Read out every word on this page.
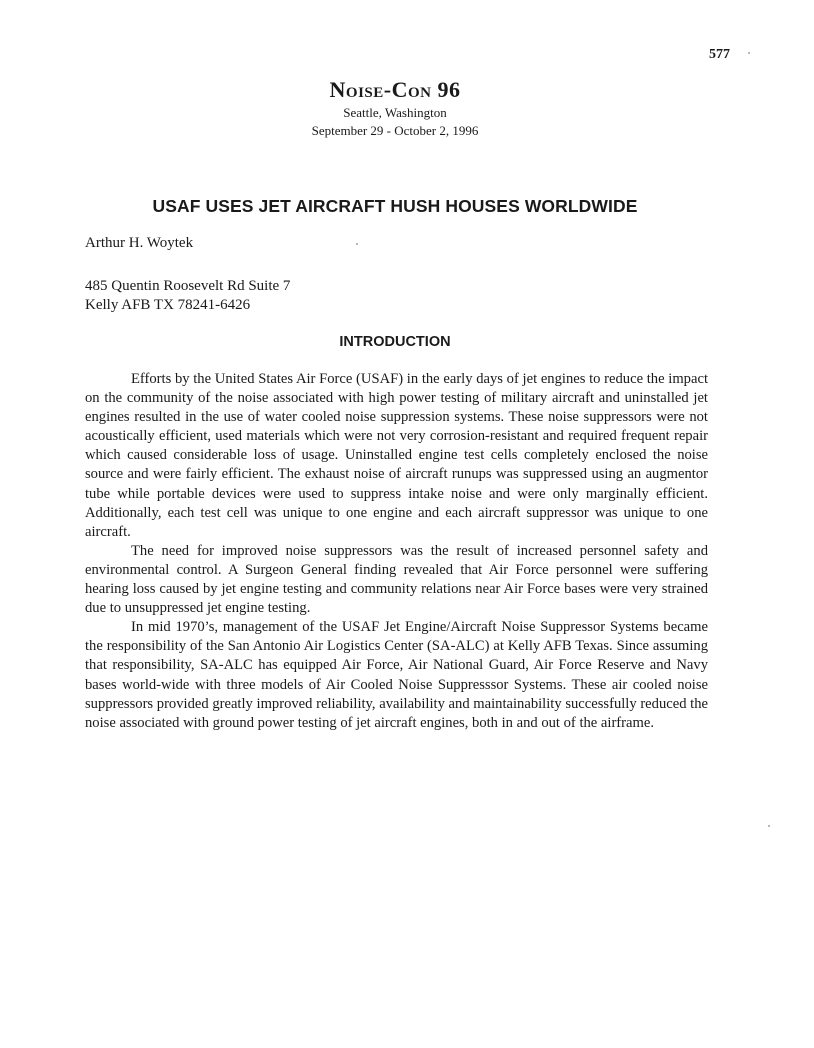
577
Noise-Con 96
Seattle, Washington
September 29 - October 2, 1996
USAF USES JET AIRCRAFT HUSH HOUSES WORLDWIDE
Arthur H. Woytek
485 Quentin Roosevelt Rd Suite 7
Kelly AFB TX 78241-6426
INTRODUCTION

Efforts by the United States Air Force (USAF) in the early days of jet engines to reduce the impact on the community of the noise associated with high power testing of military aircraft and uninstalled jet engines resulted in the use of water cooled noise suppression systems. These noise suppressors were not acoustically efficient, used materials which were not very corrosion-resistant and required frequent repair which caused considerable loss of usage. Uninstalled engine test cells completely enclosed the noise source and were fairly efficient. The exhaust noise of aircraft runups was suppressed using an augmentor tube while portable devices were used to suppress intake noise and were only marginally efficient. Additionally, each test cell was unique to one engine and each aircraft suppressor was unique to one aircraft.

The need for improved noise suppressors was the result of increased personnel safety and environmental control. A Surgeon General finding revealed that Air Force personnel were suffering hearing loss caused by jet engine testing and community relations near Air Force bases were very strained due to unsuppressed jet engine testing.

In mid 1970’s, management of the USAF Jet Engine/Aircraft Noise Suppressor Systems became the responsibility of the San Antonio Air Logistics Center (SA-ALC) at Kelly AFB Texas. Since assuming that responsibility, SA-ALC has equipped Air Force, Air National Guard, Air Force Reserve and Navy bases world-wide with three models of Air Cooled Noise Suppresssor Systems. These air cooled noise suppressors provided greatly improved reliability, availability and maintainability successfully reduced the noise associated with ground power testing of jet aircraft engines, both in and out of the airframe.
